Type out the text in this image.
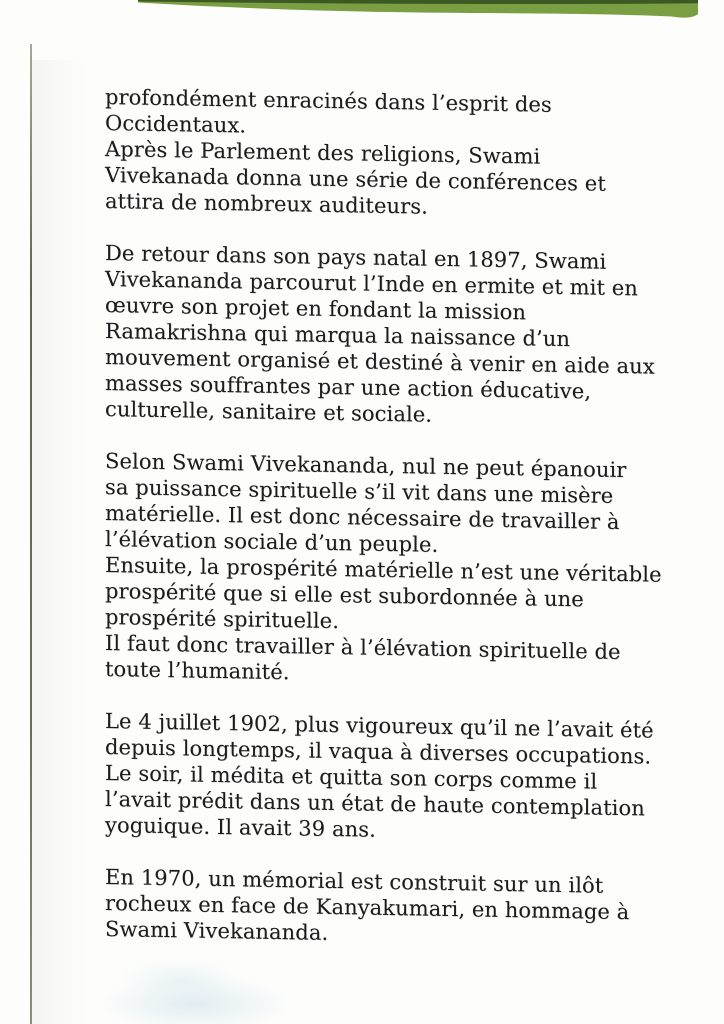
profondément enracinés dans l’esprit des
Occidentaux.
Après le Parlement des religions, Swami
Vivekanada donna une série de conférences et
attira de nombreux auditeurs.
De retour dans son pays natal en 1897, Swami
Vivekananda parcourut l’Inde en ermite et mit en
œuvre son projet en fondant la mission
Ramakrishna qui marqua la naissance d’un
mouvement organisé et destiné à venir en aide aux
masses souffrantes par une action éducative,
culturelle, sanitaire et sociale.
Selon Swami Vivekananda, nul ne peut épanouir
sa puissance spirituelle s’il vit dans une misère
matérielle. Il est donc nécessaire de travailler à
l’élévation sociale d’un peuple.
Ensuite, la prospérité matérielle n’est une véritable
prospérité que si elle est subordonnée à une
prospérité spirituelle.
Il faut donc travailler à l’élévation spirituelle de
toute l’humanité.
Le 4 juillet 1902, plus vigoureux qu’il ne l’avait été
depuis longtemps, il vaqua à diverses occupations.
Le soir, il médita et quitta son corps comme il
l’avait prédit dans un état de haute contemplation
yoguique. Il avait 39 ans.
En 1970, un mémorial est construit sur un ilôt
rocheux en face de Kanyakumari, en hommage à
Swami Vivekananda.
